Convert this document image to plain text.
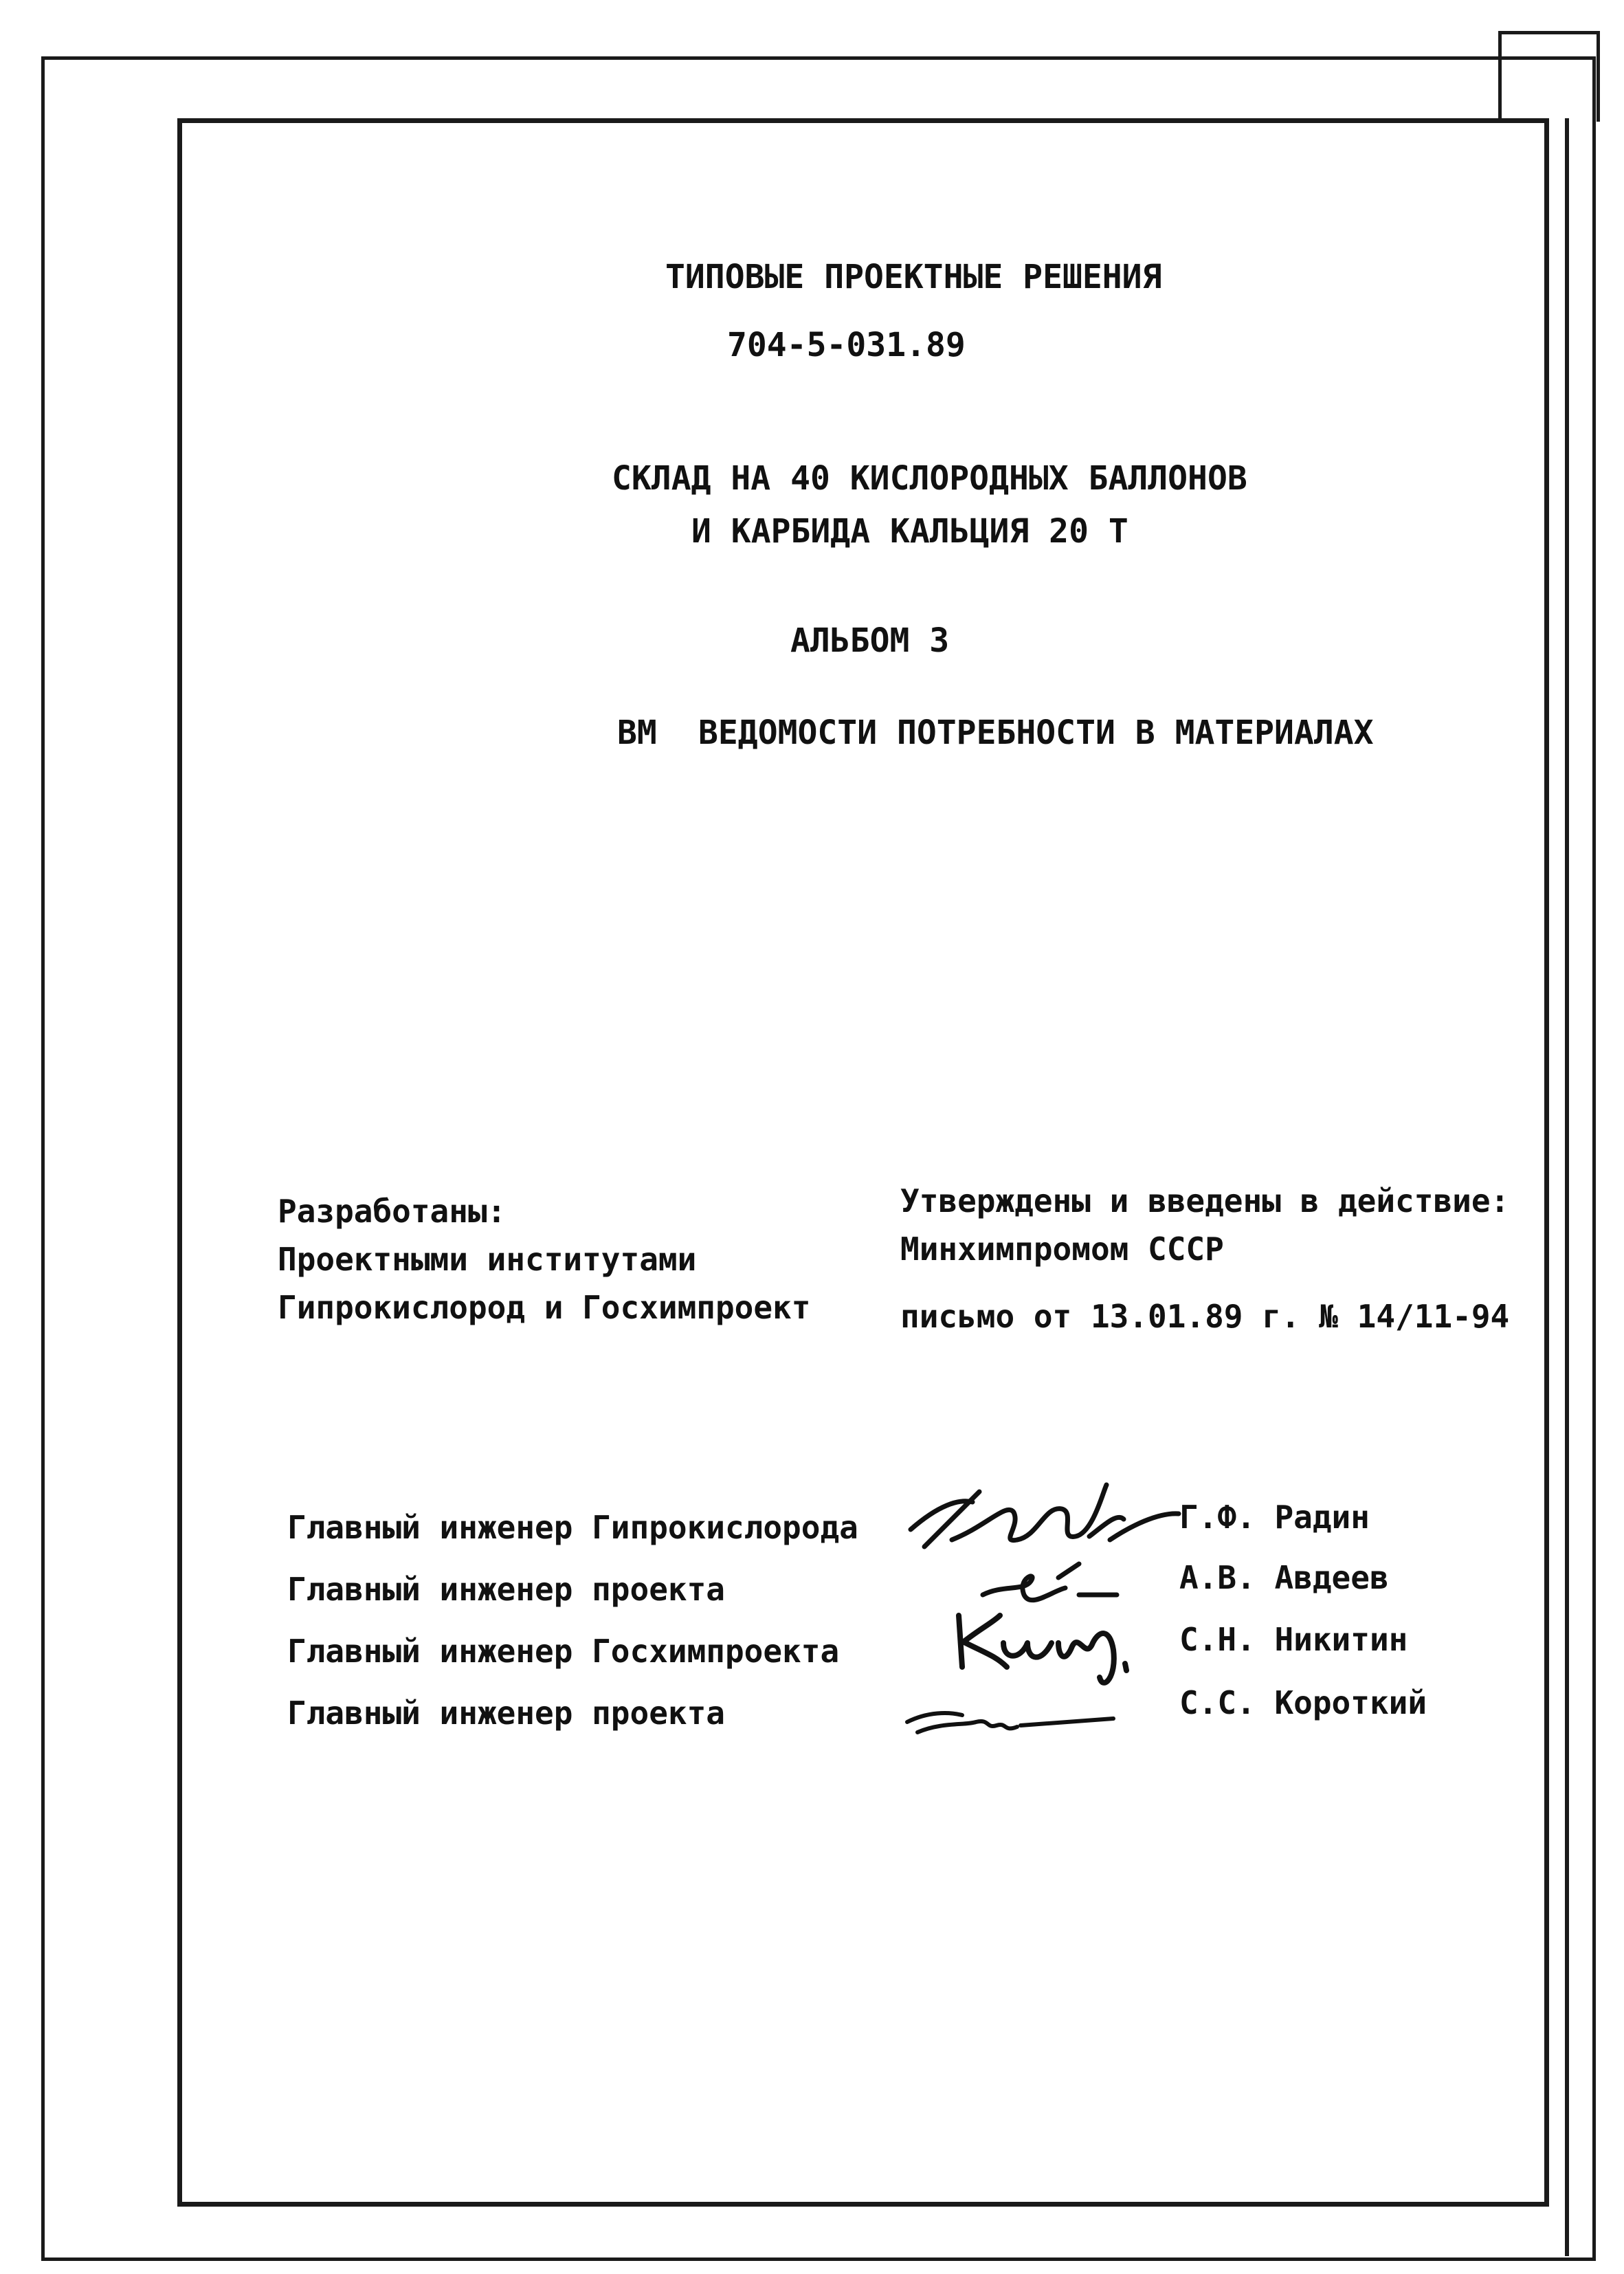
ТИПОВЫЕ ПРОЕКТНЫЕ РЕШЕНИЯ
704-5-031.89
СКЛАД НА 40 КИСЛОРОДНЫХ БАЛЛОНОВ
И КАРБИДА КАЛЬЦИЯ 20 Т
АЛЬБОМ 3
ВМ ВЕДОМОСТИ ПОТРЕБНОСТИ В МАТЕРИАЛАХ
Разработаны:
Проектными институтами
Гипрокислород и Госхимпроект
Утверждены и введены в действие:
Минхимпромом СССР
письмо от 13.01.89 г. № 14/11-94
Главный инженер Гипрокислорода
Главный инженер проекта
Главный инженер Госхимпроекта
Главный инженер проекта
Г.Ф. Радин
А.В. Авдеев
С.Н. Никитин
С.С. Короткий
